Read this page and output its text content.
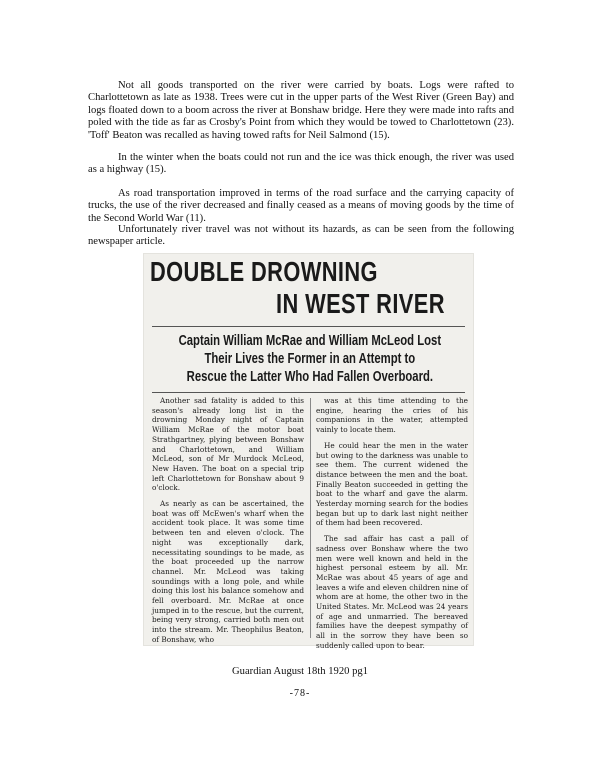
Not all goods transported on the river were carried by boats. Logs were rafted to Charlottetown as late as 1938. Trees were cut in the upper parts of the West River (Green Bay) and logs floated down to a boom across the river at Bonshaw bridge. Here they were made into rafts and poled with the tide as far as Crosby's Point from which they would be towed to Charlottetown (23). 'Toff' Beaton was recalled as having towed rafts for Neil Salmond (15).

In the winter when the boats could not run and the ice was thick enough, the river was used as a highway (15).

As road transportation improved in terms of the road surface and the carrying capacity of trucks, the use of the river decreased and finally ceased as a means of moving goods by the time of the Second World War (11).

Unfortunately river travel was not without its hazards, as can be seen from the following newspaper article.

DOUBLE DROWNING
IN WEST RIVER
Captain William McRae and William McLeod Lost
Their Lives the Former in an Attempt to
Rescue the Latter Who Had Fallen Overboard.

Another sad fatality is added to this season's already long list in the drowning Monday night of Captain William McRae of the motor boat Strathgartney, plying between Bonshaw and Charlottetown, and William McLeod, son of Mr Murdock McLeod, New Haven. The boat on a special trip left Charlottetown for Bonshaw about 9 o'clock.

As nearly as can be ascertained, the boat was off McEwen's wharf when the accident took place. It was some time between ten and eleven o'clock. The night was exceptionally dark, necessitating soundings to be made, as the boat proceeded up the narrow channel. Mr. McLeod was taking soundings with a long pole, and while doing this lost his balance somehow and fell overboard. Mr. McRae at once jumped in to the rescue, but the current, being very strong, carried both men out into the stream. Mr. Theophilus Beaton, of Bonshaw, who

was at this time attending to the engine, hearing the cries of his companions in the water, attempted vainly to locate them.

He could hear the men in the water but owing to the darkness was unable to see them. The current widened the distance between the men and the boat. Finally Beaton succeeded in getting the boat to the wharf and gave the alarm. Yesterday morning search for the bodies began but up to dark last night neither of them had been recovered.

The sad affair has cast a pall of sadness over Bonshaw where the two men were well known and held in the highest personal esteem by all. Mr. McRae was about 45 years of age and leaves a wife and eleven children nine of whom are at home, the other two in the United States. Mr. McLeod was 24 years of age and unmarried. The bereaved families have the deepest sympathy of all in the sorrow they have been so suddenly called upon to bear.

Guardian August 18th 1920 pg1

-78-
